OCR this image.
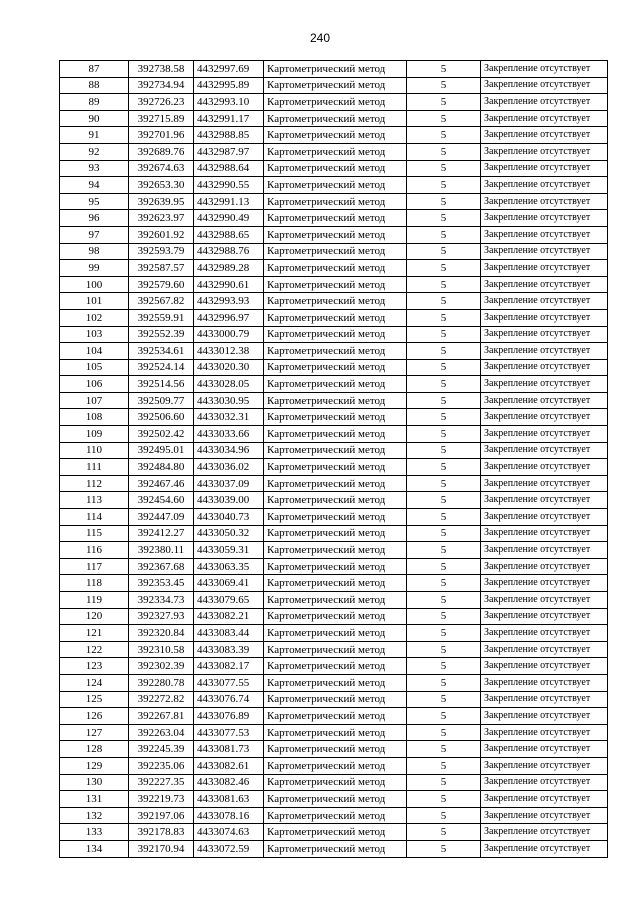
240
87	392738.58	4432997.69	Картометрический метод	5	Закрепление отсутствует
88	392734.94	4432995.89	Картометрический метод	5	Закрепление отсутствует
89	392726.23	4432993.10	Картометрический метод	5	Закрепление отсутствует
90	392715.89	4432991.17	Картометрический метод	5	Закрепление отсутствует
91	392701.96	4432988.85	Картометрический метод	5	Закрепление отсутствует
92	392689.76	4432987.97	Картометрический метод	5	Закрепление отсутствует
93	392674.63	4432988.64	Картометрический метод	5	Закрепление отсутствует
94	392653.30	4432990.55	Картометрический метод	5	Закрепление отсутствует
95	392639.95	4432991.13	Картометрический метод	5	Закрепление отсутствует
96	392623.97	4432990.49	Картометрический метод	5	Закрепление отсутствует
97	392601.92	4432988.65	Картометрический метод	5	Закрепление отсутствует
98	392593.79	4432988.76	Картометрический метод	5	Закрепление отсутствует
99	392587.57	4432989.28	Картометрический метод	5	Закрепление отсутствует
100	392579.60	4432990.61	Картометрический метод	5	Закрепление отсутствует
101	392567.82	4432993.93	Картометрический метод	5	Закрепление отсутствует
102	392559.91	4432996.97	Картометрический метод	5	Закрепление отсутствует
103	392552.39	4433000.79	Картометрический метод	5	Закрепление отсутствует
104	392534.61	4433012.38	Картометрический метод	5	Закрепление отсутствует
105	392524.14	4433020.30	Картометрический метод	5	Закрепление отсутствует
106	392514.56	4433028.05	Картометрический метод	5	Закрепление отсутствует
107	392509.77	4433030.95	Картометрический метод	5	Закрепление отсутствует
108	392506.60	4433032.31	Картометрический метод	5	Закрепление отсутствует
109	392502.42	4433033.66	Картометрический метод	5	Закрепление отсутствует
110	392495.01	4433034.96	Картометрический метод	5	Закрепление отсутствует
111	392484.80	4433036.02	Картометрический метод	5	Закрепление отсутствует
112	392467.46	4433037.09	Картометрический метод	5	Закрепление отсутствует
113	392454.60	4433039.00	Картометрический метод	5	Закрепление отсутствует
114	392447.09	4433040.73	Картометрический метод	5	Закрепление отсутствует
115	392412.27	4433050.32	Картометрический метод	5	Закрепление отсутствует
116	392380.11	4433059.31	Картометрический метод	5	Закрепление отсутствует
117	392367.68	4433063.35	Картометрический метод	5	Закрепление отсутствует
118	392353.45	4433069.41	Картометрический метод	5	Закрепление отсутствует
119	392334.73	4433079.65	Картометрический метод	5	Закрепление отсутствует
120	392327.93	4433082.21	Картометрический метод	5	Закрепление отсутствует
121	392320.84	4433083.44	Картометрический метод	5	Закрепление отсутствует
122	392310.58	4433083.39	Картометрический метод	5	Закрепление отсутствует
123	392302.39	4433082.17	Картометрический метод	5	Закрепление отсутствует
124	392280.78	4433077.55	Картометрический метод	5	Закрепление отсутствует
125	392272.82	4433076.74	Картометрический метод	5	Закрепление отсутствует
126	392267.81	4433076.89	Картометрический метод	5	Закрепление отсутствует
127	392263.04	4433077.53	Картометрический метод	5	Закрепление отсутствует
128	392245.39	4433081.73	Картометрический метод	5	Закрепление отсутствует
129	392235.06	4433082.61	Картометрический метод	5	Закрепление отсутствует
130	392227.35	4433082.46	Картометрический метод	5	Закрепление отсутствует
131	392219.73	4433081.63	Картометрический метод	5	Закрепление отсутствует
132	392197.06	4433078.16	Картометрический метод	5	Закрепление отсутствует
133	392178.83	4433074.63	Картометрический метод	5	Закрепление отсутствует
134	392170.94	4433072.59	Картометрический метод	5	Закрепление отсутствует
